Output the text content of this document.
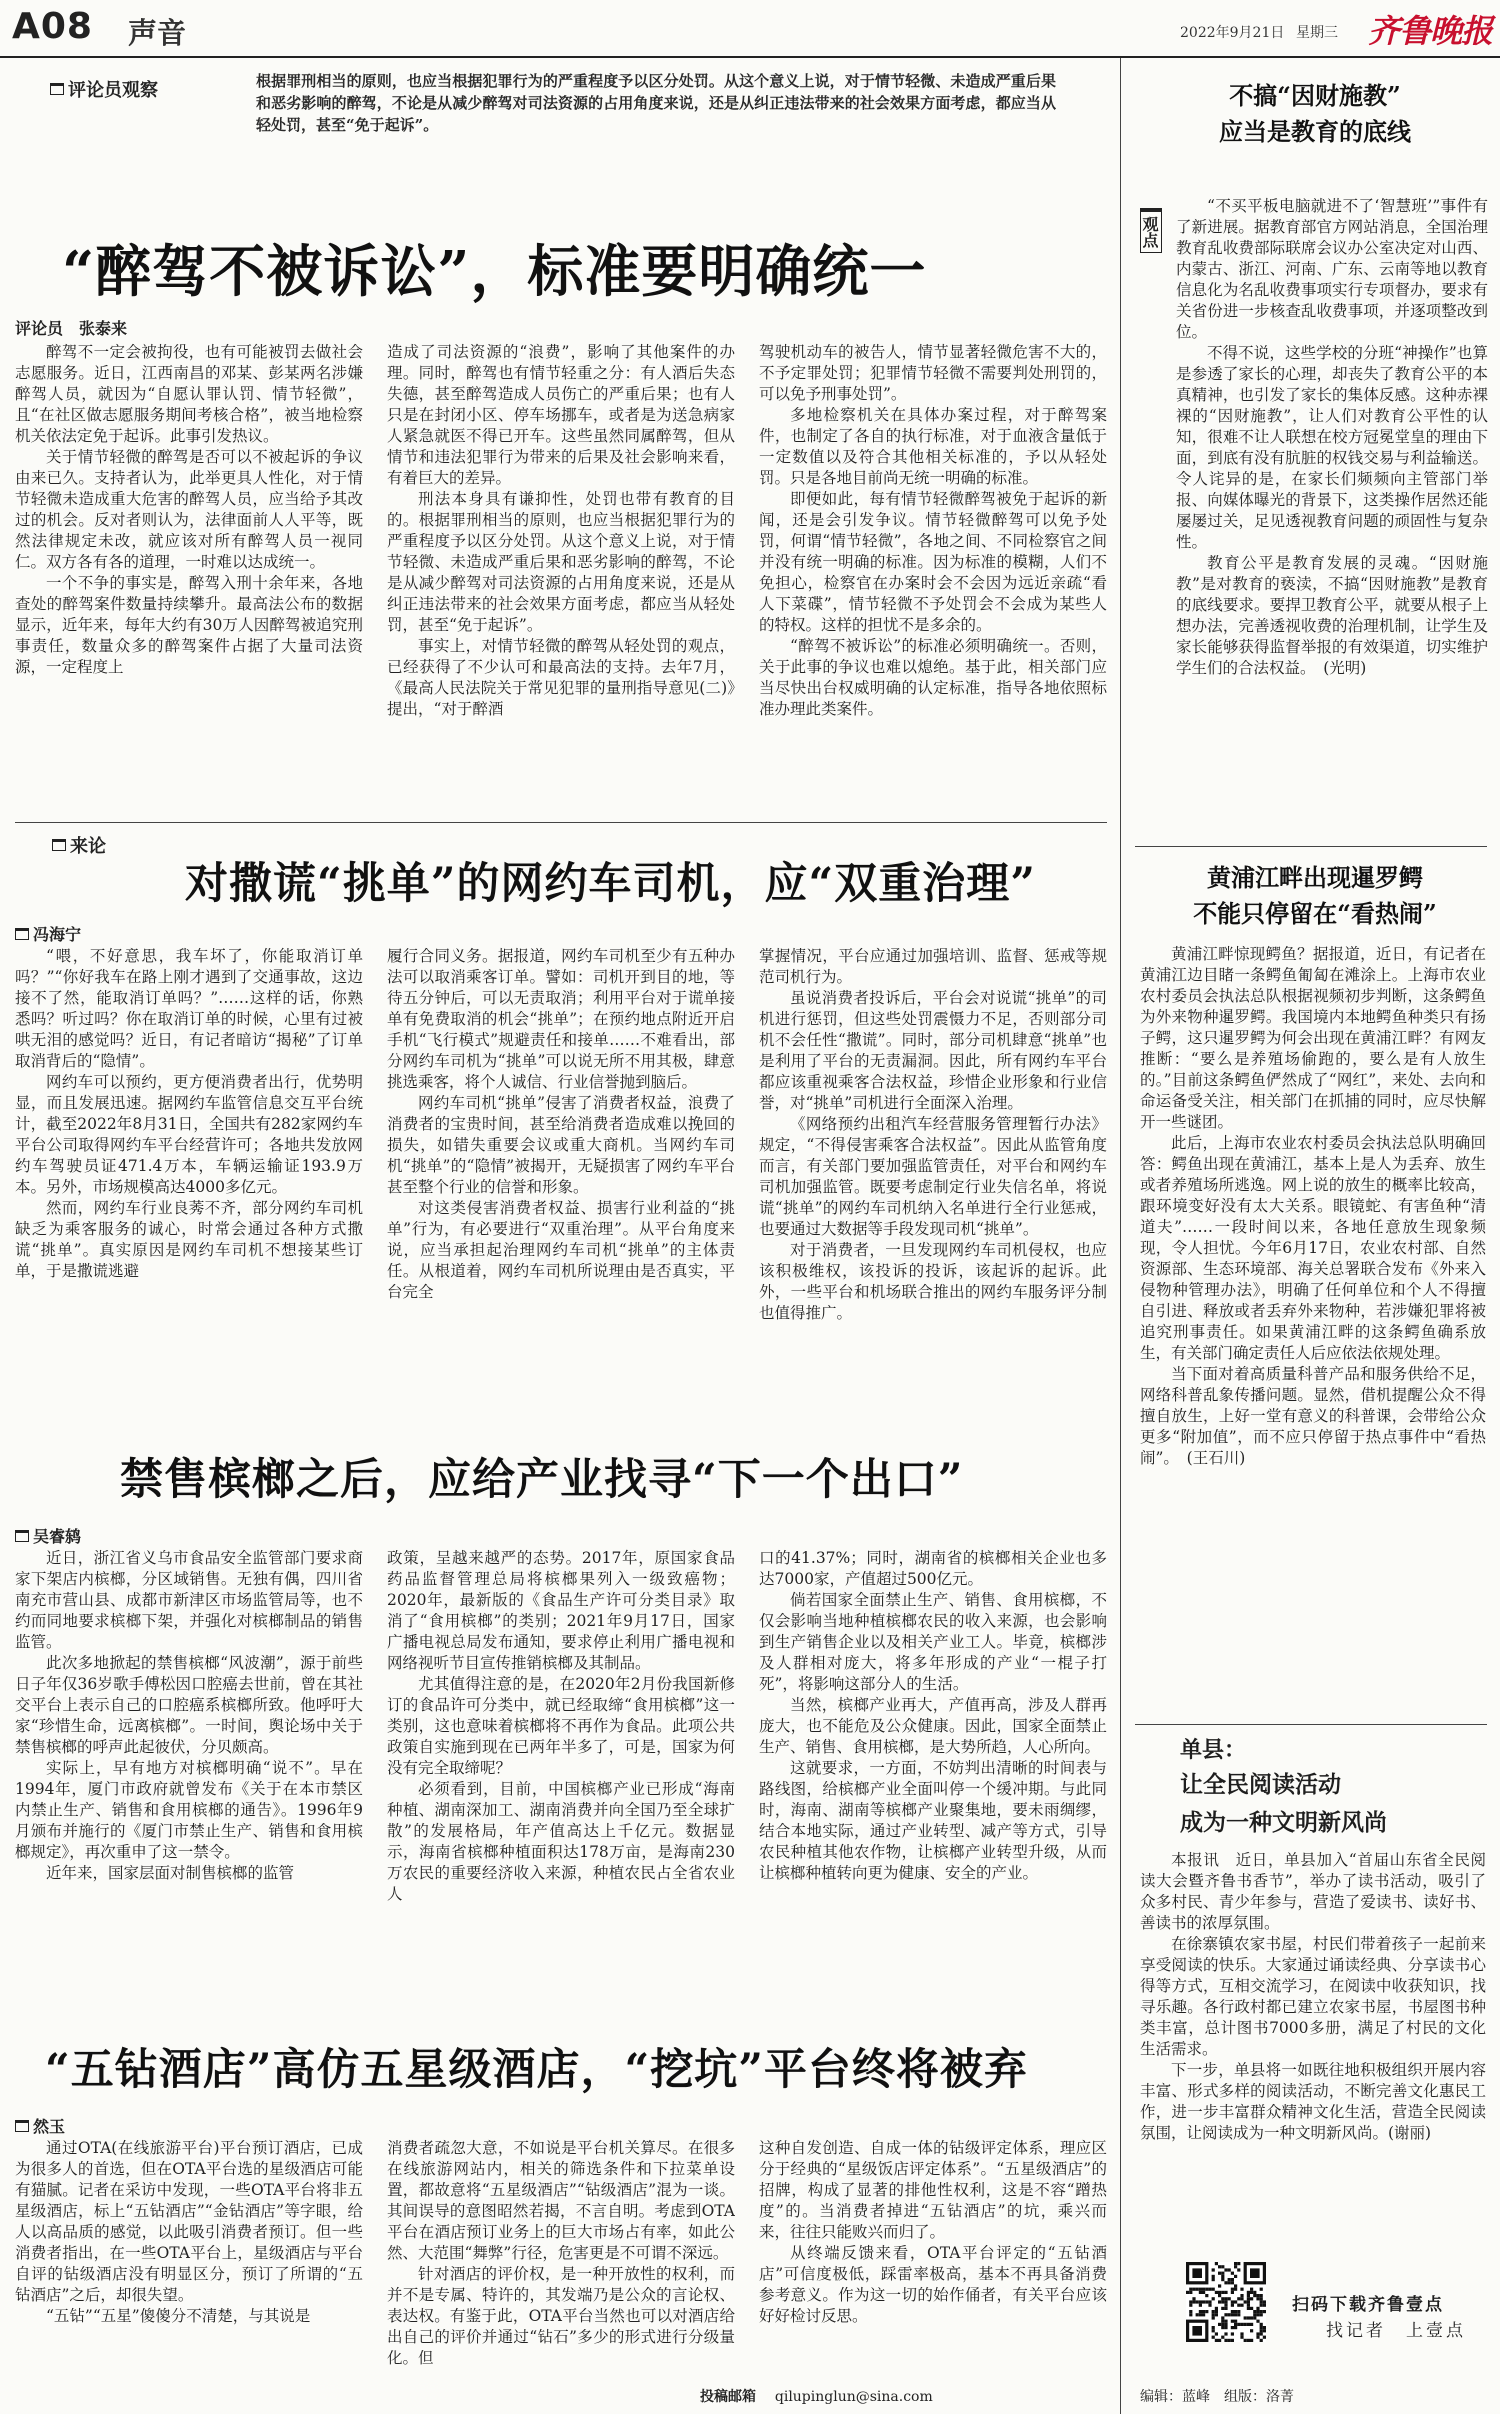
A08 声音	2022年9月21日 星期三 齐鲁晚报
评论员观察	根据罪刑相当的原则，也应当根据犯罪行为的严重程度予以区分处罚。从这个意义上说，对于情节轻微、未造成严重后果和恶劣影响的醉驾，不论是从减少醉驾对司法资源的占用角度来说，还是从纠正违法带来的社会效果方面考虑，都应当从轻处罚，甚至“免于起诉”。
“醉驾不被诉讼”，标准要明确统一
评论员　张泰来

醉驾不一定会被拘役，也有可能被罚去做社会志愿服务。近日，江西南昌的邓某、彭某两名涉嫌醉驾人员，就因为“自愿认罪认罚、情节轻微”，且“在社区做志愿服务期间考核合格”，被当地检察机关依法定免于起诉。此事引发热议。

关于情节轻微的醉驾是否可以不被起诉的争议由来已久。支持者认为，此举更具人性化，对于情节轻微未造成重大危害的醉驾人员，应当给予其改过的机会。反对者则认为，法律面前人人平等，既然法律规定未改，就应该对所有醉驾人员一视同仁。双方各有各的道理，一时难以达成统一。

一个不争的事实是，醉驾入刑十余年来，各地查处的醉驾案件数量持续攀升。最高法公布的数据显示，近年来，每年大约有30万人因醉驾被追究刑事责任，数量众多的醉驾案件占据了大量司法资源，一定程度上

造成了司法资源的“浪费”，影响了其他案件的办理。同时，醉驾也有情节轻重之分：有人酒后失态失德，甚至醉驾造成人员伤亡的严重后果；也有人只是在封闭小区、停车场挪车，或者是为送急病家人紧急就医不得已开车。这些虽然同属醉驾，但从情节和违法犯罪行为带来的后果及社会影响来看，有着巨大的差异。

刑法本身具有谦抑性，处罚也带有教育的目的。根据罪刑相当的原则，也应当根据犯罪行为的严重程度予以区分处罚。从这个意义上说，对于情节轻微、未造成严重后果和恶劣影响的醉驾，不论是从减少醉驾对司法资源的占用角度来说，还是从纠正违法带来的社会效果方面考虑，都应当从轻处罚，甚至“免于起诉”。

事实上，对情节轻微的醉驾从轻处罚的观点，已经获得了不少认可和最高法的支持。去年7月，《最高人民法院关于常见犯罪的量刑指导意见(二)》提出，“对于醉酒

驾驶机动车的被告人，情节显著轻微危害不大的，不予定罪处罚；犯罪情节轻微不需要判处刑罚的，可以免予刑事处罚”。

多地检察机关在具体办案过程，对于醉驾案件，也制定了各自的执行标准，对于血液含量低于一定数值以及符合其他相关标准的，予以从轻处罚。只是各地目前尚无统一明确的标准。

即便如此，每有情节轻微醉驾被免于起诉的新闻，还是会引发争议。情节轻微醉驾可以免予处罚，何谓“情节轻微”，各地之间、不同检察官之间并没有统一明确的标准。因为标准的模糊，人们不免担心，检察官在办案时会不会因为远近亲疏“看人下菜碟”，情节轻微不予处罚会不会成为某些人的特权。这样的担忧不是多余的。

“醉驾不被诉讼”的标准必须明确统一。否则，关于此事的争议也难以熄绝。基于此，相关部门应当尽快出台权威明确的认定标准，指导各地依照标准办理此类案件。

来论
对撒谎“挑单”的网约车司机，应“双重治理”
冯海宁

“喂，不好意思，我车坏了，你能取消订单吗？”“你好我车在路上刚才遇到了交通事故，这边接不了然，能取消订单吗？”……这样的话，你熟悉吗？听过吗？你在取消订单的时候，心里有过被哄无泪的感觉吗？近日，有记者暗访“揭秘”了订单取消背后的“隐情”。

网约车可以预约，更方便消费者出行，优势明显，而且发展迅速。据网约车监管信息交互平台统计，截至2022年8月31日，全国共有282家网约车平台公司取得网约车平台经营许可；各地共发放网约车驾驶员证471.4万本，车辆运输证193.9万本。另外，市场规模高达4000多亿元。

然而，网约车行业良莠不齐，部分网约车司机缺乏为乘客服务的诚心，时常会通过各种方式撒谎“挑单”。真实原因是网约车司机不想接某些订单，于是撒谎逃避

履行合同义务。据报道，网约车司机至少有五种办法可以取消乘客订单。譬如：司机开到目的地，等待五分钟后，可以无责取消；利用平台对于谎单接单有免费取消的机会“挑单”；在预约地点附近开启手机“飞行模式”规避责任和接单……不难看出，部分网约车司机为“挑单”可以说无所不用其极，肆意挑选乘客，将个人诚信、行业信誉抛到脑后。

网约车司机“挑单”侵害了消费者权益，浪费了消费者的宝贵时间，甚至给消费者造成难以挽回的损失，如错失重要会议或重大商机。当网约车司机“挑单”的“隐情”被揭开，无疑损害了网约车平台甚至整个行业的信誉和形象。

对这类侵害消费者权益、损害行业利益的“挑单”行为，有必要进行“双重治理”。从平台角度来说，应当承担起治理网约车司机“挑单”的主体责任。从根道着，网约车司机所说理由是否真实，平台完全

掌握情况，平台应通过加强培训、监督、惩戒等规范司机行为。

虽说消费者投诉后，平台会对说谎“挑单”的司机进行惩罚，但这些处罚震慑力不足，否则部分司机不会任性“撒谎”。同时，部分司机肆意“挑单”也是利用了平台的无责漏洞。因此，所有网约车平台都应该重视乘客合法权益，珍惜企业形象和行业信誉，对“挑单”司机进行全面深入治理。

《网络预约出租汽车经营服务管理暂行办法》规定，“不得侵害乘客合法权益”。因此从监管角度而言，有关部门要加强监管责任，对平台和网约车司机加强监管。既要考虑制定行业失信名单，将说谎“挑单”的网约车司机纳入名单进行全行业惩戒，也要通过大数据等手段发现司机“挑单”。

对于消费者，一旦发现网约车司机侵权，也应该积极维权，该投诉的投诉，该起诉的起诉。此外，一些平台和机场联合推出的网约车服务评分制也值得推广。

禁售槟榔之后，应给产业找寻“下一个出口”
吴睿鸫

近日，浙江省义乌市食品安全监管部门要求商家下架店内槟榔，分区域销售。无独有偶，四川省南充市营山县、成都市新津区市场监管局等，也不约而同地要求槟榔下架，并强化对槟榔制品的销售监管。

此次多地掀起的禁售槟榔“风波潮”，源于前些日子年仅36岁歌手傅松因口腔癌去世前，曾在其社交平台上表示自己的口腔癌系槟榔所致。他呼吁大家“珍惜生命，远离槟榔”。一时间，舆论场中关于禁售槟榔的呼声此起彼伏，分贝颇高。

实际上，早有地方对槟榔明确“说不”。早在1994年，厦门市政府就曾发布《关于在本市禁区内禁止生产、销售和食用槟榔的通告》。1996年9月颁布并施行的《厦门市禁止生产、销售和食用槟榔规定》，再次重申了这一禁令。

近年来，国家层面对制售槟榔的监管

政策，呈越来越严的态势。2017年，原国家食品药品监督管理总局将槟榔果列入一级致癌物；2020年，最新版的《食品生产许可分类目录》取消了“食用槟榔”的类别；2021年9月17日，国家广播电视总局发布通知，要求停止利用广播电视和网络视听节目宣传推销槟榔及其制品。

尤其值得注意的是，在2020年2月份我国新修订的食品许可分类中，就已经取缔“食用槟榔”这一类别，这也意味着槟榔将不再作为食品。此项公共政策自实施到现在已两年半多了，可是，国家为何没有完全取缔呢？

必须看到，目前，中国槟榔产业已形成“海南种植、湖南深加工、湖南消费并向全国乃至全球扩散”的发展格局，年产值高达上千亿元。数据显示，海南省槟榔种植面积达178万亩，是海南230万农民的重要经济收入来源，种植农民占全省农业人

口的41.37%；同时，湖南省的槟榔相关企业也多达7000家，产值超过500亿元。

倘若国家全面禁止生产、销售、食用槟榔，不仅会影响当地种植槟榔农民的收入来源，也会影响到生产销售企业以及相关产业工人。毕竟，槟榔涉及人群相对庞大，将多年形成的产业“一棍子打死”，将影响这部分人的生活。

当然，槟榔产业再大，产值再高，涉及人群再庞大，也不能危及公众健康。因此，国家全面禁止生产、销售、食用槟榔，是大势所趋，人心所向。

这就要求，一方面，不妨判出清晰的时间表与路线图，给槟榔产业全面叫停一个缓冲期。与此同时，海南、湖南等槟榔产业聚集地，要未雨绸缪，结合本地实际，通过产业转型、减产等方式，引导农民种植其他农作物，让槟榔产业转型升级，从而让槟榔种植转向更为健康、安全的产业。

“五钻酒店”高仿五星级酒店，“挖坑”平台终将被弃
然玉

通过OTA(在线旅游平台)平台预订酒店，已成为很多人的首选，但在OTA平台选的星级酒店可能有猫腻。记者在采访中发现，一些OTA平台将非五星级酒店，标上“五钻酒店”“金钻酒店”等字眼，给人以高品质的感觉，以此吸引消费者预订。但一些消费者指出，在一些OTA平台上，星级酒店与平台自评的钻级酒店没有明显区分，预订了所谓的“五钻酒店”之后，却很失望。

“五钻”“五星”傻傻分不清楚，与其说是

消费者疏忽大意，不如说是平台机关算尽。在很多在线旅游网站内，相关的筛选条件和下拉菜单设置，都故意将“五星级酒店”“钻级酒店”混为一谈。其间误导的意图昭然若揭，不言自明。考虑到OTA平台在酒店预订业务上的巨大市场占有率，如此公然、大范围“舞弊”行径，危害更是不可谓不深远。

针对酒店的评价权，是一种开放性的权利，而并不是专属、特许的，其发端乃是公众的言论权、表达权。有鉴于此，OTA平台当然也可以对酒店给出自己的评价并通过“钻石”多少的形式进行分级量化。但

这种自发创造、自成一体的钻级评定体系，理应区分于经典的“星级饭店评定体系”。“五星级酒店”的招牌，构成了显著的排他性权利，这是不容“蹭热度”的。当消费者掉进“五钻酒店”的坑，乘兴而来，往往只能败兴而归了。

从终端反馈来看，OTA平台评定的“五钻酒店”可信度极低，踩雷率极高，基本不再具备消费参考意义。作为这一切的始作俑者，有关平台应该好好检讨反思。

投稿邮箱 qilupinglun@sina.com
不搞“因财施教”
应当是教育的底线
观点

“不买平板电脑就进不了‘智慧班’”事件有了新进展。据教育部官方网站消息，全国治理教育乱收费部际联席会议办公室决定对山西、内蒙古、浙江、河南、广东、云南等地以教育信息化为名乱收费事项实行专项督办，要求有关省份进一步核查乱收费事项，并逐项整改到位。

不得不说，这些学校的分班“神操作”也算是参透了家长的心理，却丧失了教育公平的本真精神，也引发了家长的集体反感。这种赤裸裸的“因财施教”，让人们对教育公平性的认知，很难不让人联想在校方冠冕堂皇的理由下面，到底有没有肮脏的权钱交易与利益输送。令人诧异的是，在家长们频频向主管部门举报、向媒体曝光的背景下，这类操作居然还能屡屡过关，足见透视教育问题的顽固性与复杂性。

教育公平是教育发展的灵魂。“因财施教”是对教育的亵渎，不搞“因财施教”是教育的底线要求。要捍卫教育公平，就要从根子上想办法，完善透视收费的治理机制，让学生及家长能够获得监督举报的有效渠道，切实维护学生们的合法权益。　(光明)

黄浦江畔出现暹罗鳄
不能只停留在“看热闹”

黄浦江畔惊现鳄鱼？据报道，近日，有记者在黄浦江边目睹一条鳄鱼匍匐在滩涂上。上海市农业农村委员会执法总队根据视频初步判断，这条鳄鱼为外来物种暹罗鳄。我国境内本地鳄鱼种类只有扬子鳄，这只暹罗鳄为何会出现在黄浦江畔？有网友推断：“要么是养殖场偷跑的，要么是有人放生的。”目前这条鳄鱼俨然成了“网红”，来处、去向和命运备受关注，相关部门在抓捕的同时，应尽快解开一些谜团。

此后，上海市农业农村委员会执法总队明确回答：鳄鱼出现在黄浦江，基本上是人为丢弃、放生或者养殖场所逃逸。网上说的放生的概率比较高，跟环境变好没有太大关系。眼镜蛇、有害鱼种“清道夫”……一段时间以来，各地任意放生现象频现，令人担忧。今年6月17日，农业农村部、自然资源部、生态环境部、海关总署联合发布《外来入侵物种管理办法》，明确了任何单位和个人不得擅自引进、释放或者丢弃外来物种，若涉嫌犯罪将被追究刑事责任。如果黄浦江畔的这条鳄鱼确系放生，有关部门确定责任人后应依法依规处理。

当下面对着高质量科普产品和服务供给不足，网络科普乱象传播问题。显然，借机提醒公众不得擅自放生，上好一堂有意义的科普课，会带给公众更多“附加值”，而不应只停留于热点事件中“看热闹”。　(王石川)

单县：
让全民阅读活动
成为一种文明新风尚

本报讯　近日，单县加入“首届山东省全民阅读大会暨齐鲁书香节”，举办了读书活动，吸引了众多村民、青少年参与，营造了爱读书、读好书、善读书的浓厚氛围。

在徐寨镇农家书屋，村民们带着孩子一起前来享受阅读的快乐。大家通过诵读经典、分享读书心得等方式，互相交流学习，在阅读中收获知识，找寻乐趣。各行政村都已建立农家书屋，书屋图书种类丰富，总计图书7000多册，满足了村民的文化生活需求。

下一步，单县将一如既往地积极组织开展内容丰富、形式多样的阅读活动，不断完善文化惠民工作，进一步丰富群众精神文化生活，营造全民阅读氛围，让阅读成为一种文明新风尚。(谢丽)

扫码下载齐鲁壹点
找记者　上壹点
编辑：蓝峰　组版：洛菁
